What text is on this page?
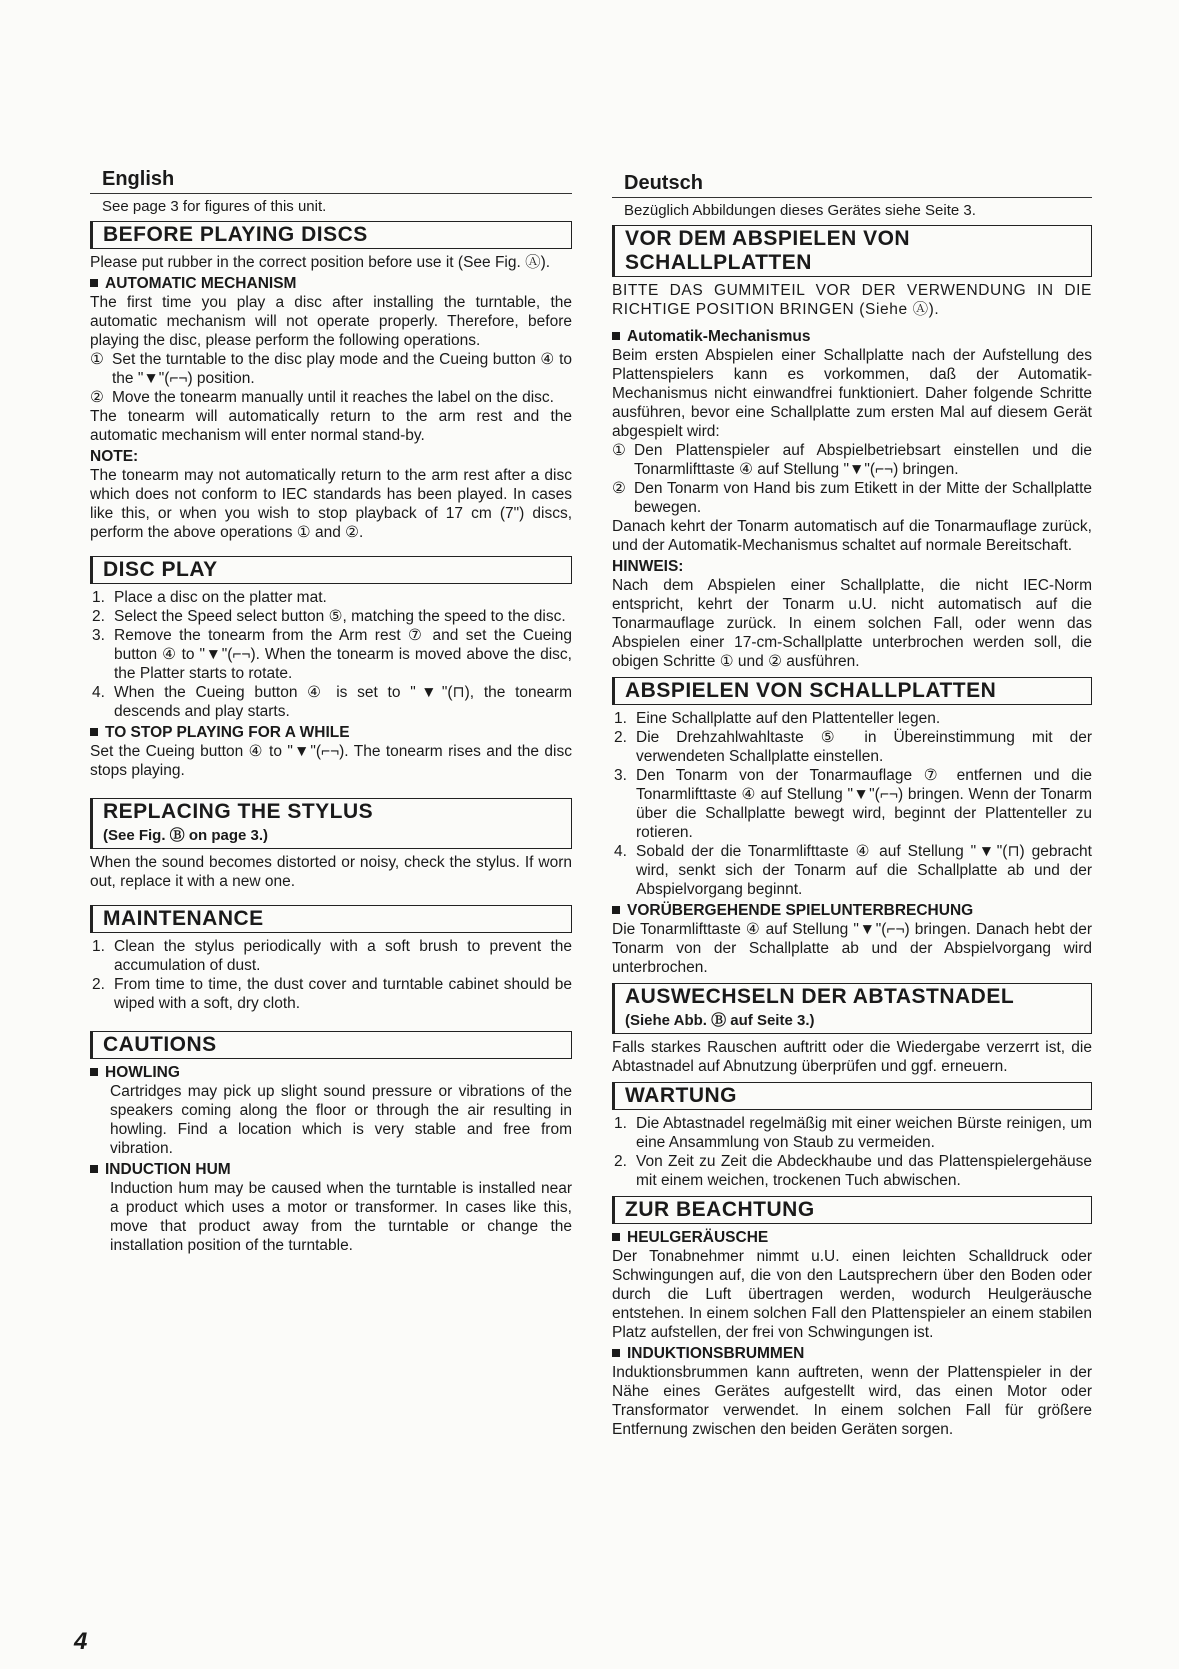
English
See page 3 for figures of this unit.
BEFORE PLAYING DISCS

Please put rubber in the correct position before use it (See Fig. Ⓐ).

AUTOMATIC MECHANISM

The first time you play a disc after installing the turntable, the automatic mechanism will not operate properly. Therefore, before playing the disc, please perform the following operations.

① Set the turntable to the disc play mode and the Cueing button ④ to the "▼"(⌐¬) position.
② Move the tonearm manually until it reaches the label on the disc.

The tonearm will automatically return to the arm rest and the automatic mechanism will enter normal stand-by.

NOTE:

The tonearm may not automatically return to the arm rest after a disc which does not conform to IEC standards has been played. In cases like this, or when you wish to stop playback of 17 cm (7") discs, perform the above operations ① and ②.

DISC PLAY
1. Place a disc on the platter mat.
2. Select the Speed select button ⑤, matching the speed to the disc.
3. Remove the tonearm from the Arm rest ⑦ and set the Cueing button ④ to "▼"(⌐¬). When the tonearm is moved above the disc, the Platter starts to rotate.
4. When the Cueing button ④ is set to "▼"(⊓), the tonearm descends and play starts.
TO STOP PLAYING FOR A WHILE

Set the Cueing button ④ to "▼"(⌐¬). The tonearm rises and the disc stops playing.

REPLACING THE STYLUS
(See Fig. Ⓑ on page 3.)

When the sound becomes distorted or noisy, check the stylus. If worn out, replace it with a new one.

MAINTENANCE
1. Clean the stylus periodically with a soft brush to prevent the accumulation of dust.
2. From time to time, the dust cover and turntable cabinet should be wiped with a soft, dry cloth.
CAUTIONS
HOWLING

Cartridges may pick up slight sound pressure or vibrations of the speakers coming along the floor or through the air resulting in howling. Find a location which is very stable and free from vibration.

INDUCTION HUM

Induction hum may be caused when the turntable is installed near a product which uses a motor or transformer. In cases like this, move that product away from the turntable or change the installation position of the turntable.

Deutsch
Bezüglich Abbildungen dieses Gerätes siehe Seite 3.
VOR DEM ABSPIELEN VON SCHALLPLATTEN

BITTE DAS GUMMITEIL VOR DER VERWENDUNG IN DIE RICHTIGE POSITION BRINGEN (Siehe Ⓐ).

Automatik-Mechanismus

Beim ersten Abspielen einer Schallplatte nach der Aufstellung des Plattenspielers kann es vorkommen, daß der Automatik-Mechanismus nicht einwandfrei funktioniert. Daher folgende Schritte ausführen, bevor eine Schallplatte zum ersten Mal auf diesem Gerät abgespielt wird:

① Den Plattenspieler auf Abspielbetriebsart einstellen und die Tonarmlifttaste ④ auf Stellung "▼"(⌐¬) bringen.
② Den Tonarm von Hand bis zum Etikett in der Mitte der Schallplatte bewegen.

Danach kehrt der Tonarm automatisch auf die Tonarmauflage zurück, und der Automatik-Mechanismus schaltet auf normale Bereitschaft.

HINWEIS:

Nach dem Abspielen einer Schallplatte, die nicht IEC-Norm entspricht, kehrt der Tonarm u.U. nicht automatisch auf die Tonarmauflage zurück. In einem solchen Fall, oder wenn das Abspielen einer 17-cm-Schallplatte unterbrochen werden soll, die obigen Schritte ① und ② ausführen.

ABSPIELEN VON SCHALLPLATTEN
1. Eine Schallplatte auf den Plattenteller legen.
2. Die Drehzahlwahltaste ⑤ in Übereinstimmung mit der verwendeten Schallplatte einstellen.
3. Den Tonarm von der Tonarmauflage ⑦ entfernen und die Tonarmlifttaste ④ auf Stellung "▼"(⌐¬) bringen. Wenn der Tonarm über die Schallplatte bewegt wird, beginnt der Plattenteller zu rotieren.
4. Sobald der die Tonarmlifttaste ④ auf Stellung "▼"(⊓) gebracht wird, senkt sich der Tonarm auf die Schallplatte ab und der Abspielvorgang beginnt.
VORÜBERGEHENDE SPIELUNTERBRECHUNG

Die Tonarmlifttaste ④ auf Stellung "▼"(⌐¬) bringen. Danach hebt der Tonarm von der Schallplatte ab und der Abspielvorgang wird unterbrochen.

AUSWECHSELN DER ABTASTNADEL
(Siehe Abb. Ⓑ auf Seite 3.)

Falls starkes Rauschen auftritt oder die Wiedergabe verzerrt ist, die Abtastnadel auf Abnutzung überprüfen und ggf. erneuern.

WARTUNG
1. Die Abtastnadel regelmäßig mit einer weichen Bürste reinigen, um eine Ansammlung von Staub zu vermeiden.
2. Von Zeit zu Zeit die Abdeckhaube und das Plattenspielergehäuse mit einem weichen, trockenen Tuch abwischen.
ZUR BEACHTUNG
HEULGERÄUSCHE

Der Tonabnehmer nimmt u.U. einen leichten Schalldruck oder Schwingungen auf, die von den Lautsprechern über den Boden oder durch die Luft übertragen werden, wodurch Heulgeräusche entstehen. In einem solchen Fall den Plattenspieler an einem stabilen Platz aufstellen, der frei von Schwingungen ist.

INDUKTIONSBRUMMEN

Induktionsbrummen kann auftreten, wenn der Plattenspieler in der Nähe eines Gerätes aufgestellt wird, das einen Motor oder Transformator verwendet. In einem solchen Fall für größere Entfernung zwischen den beiden Geräten sorgen.

4
